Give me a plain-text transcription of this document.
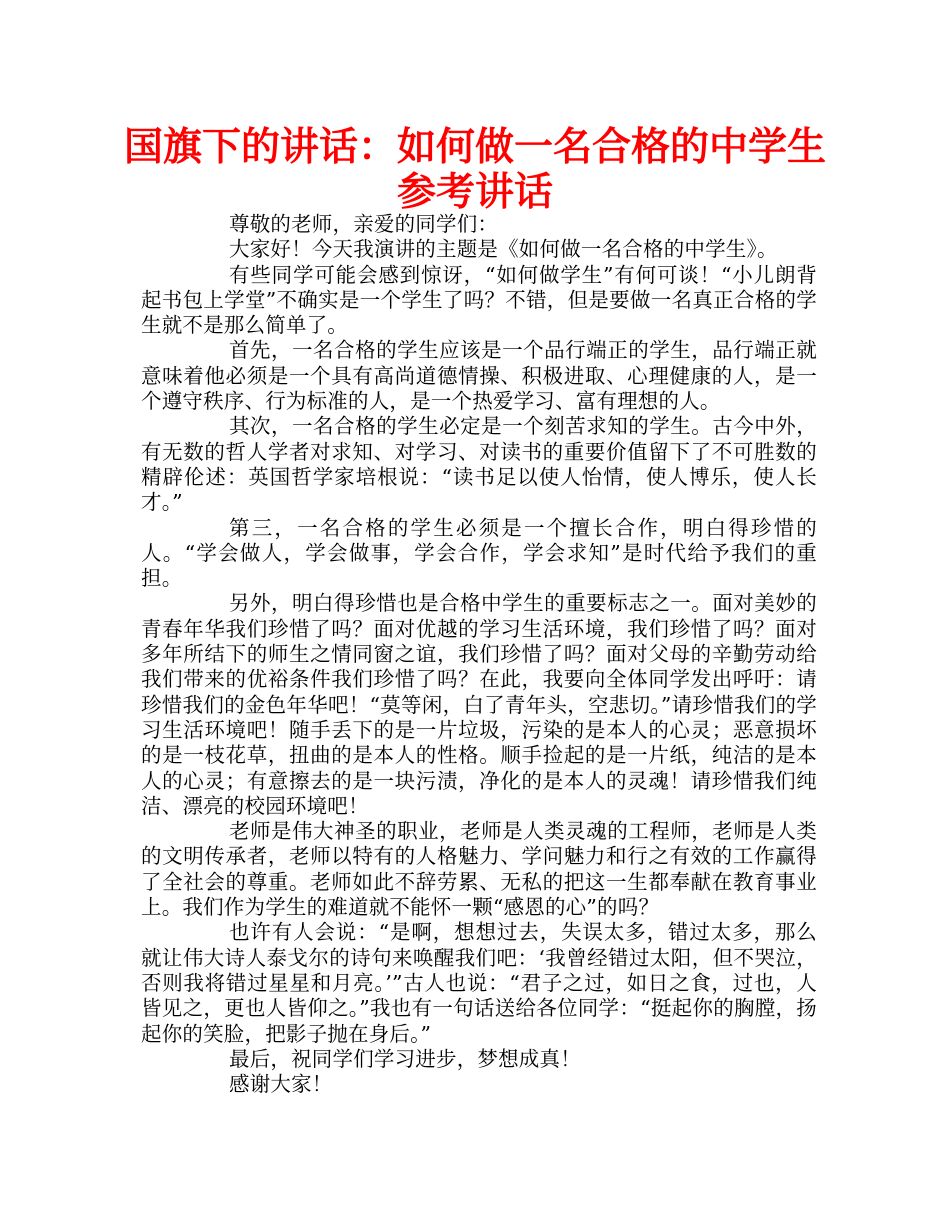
国旗下的讲话：如何做一名合格的中学生
参考讲话

尊敬的老师，亲爱的同学们：

大家好！今天我演讲的主题是《如何做一名合格的中学生》。

有些同学可能会感到惊讶，“如何做学生”有何可谈！“小儿朗背起书包上学堂”不确实是一个学生了吗？不错，但是要做一名真正合格的学生就不是那么简单了。

首先，一名合格的学生应该是一个品行端正的学生，品行端正就意味着他必须是一个具有高尚道德情操、积极进取、心理健康的人，是一个遵守秩序、行为标准的人，是一个热爱学习、富有理想的人。

其次，一名合格的学生必定是一个刻苦求知的学生。古今中外，有无数的哲人学者对求知、对学习、对读书的重要价值留下了不可胜数的精辟伦述：英国哲学家培根说：“读书足以使人怡情，使人博乐，使人长才。”

第三，一名合格的学生必须是一个擅长合作，明白得珍惜的人。“学会做人，学会做事，学会合作，学会求知”是时代给予我们的重担。

另外，明白得珍惜也是合格中学生的重要标志之一。面对美妙的青春年华我们珍惜了吗？面对优越的学习生活环境，我们珍惜了吗？面对多年所结下的师生之情同窗之谊，我们珍惜了吗？面对父母的辛勤劳动给我们带来的优裕条件我们珍惜了吗？在此，我要向全体同学发出呼吁：请珍惜我们的金色年华吧！“莫等闲，白了青年头，空悲切。”请珍惜我们的学习生活环境吧！随手丢下的是一片垃圾，污染的是本人的心灵；恶意损坏的是一枝花草，扭曲的是本人的性格。顺手捡起的是一片纸，纯洁的是本人的心灵；有意擦去的是一块污渍，净化的是本人的灵魂！请珍惜我们纯洁、漂亮的校园环境吧！

老师是伟大神圣的职业，老师是人类灵魂的工程师，老师是人类的文明传承者，老师以特有的人格魅力、学问魅力和行之有效的工作赢得了全社会的尊重。老师如此不辞劳累、无私的把这一生都奉献在教育事业上。我们作为学生的难道就不能怀一颗“感恩的心”的吗？

也许有人会说：“是啊，想想过去，失误太多，错过太多，那么就让伟大诗人泰戈尔的诗句来唤醒我们吧：‘我曾经错过太阳，但不哭泣，否则我将错过星星和月亮。’”古人也说：“君子之过，如日之食，过也，人皆见之，更也人皆仰之。”我也有一句话送给各位同学：“挺起你的胸膛，扬起你的笑脸，把影子抛在身后。”

最后，祝同学们学习进步，梦想成真！

感谢大家！
